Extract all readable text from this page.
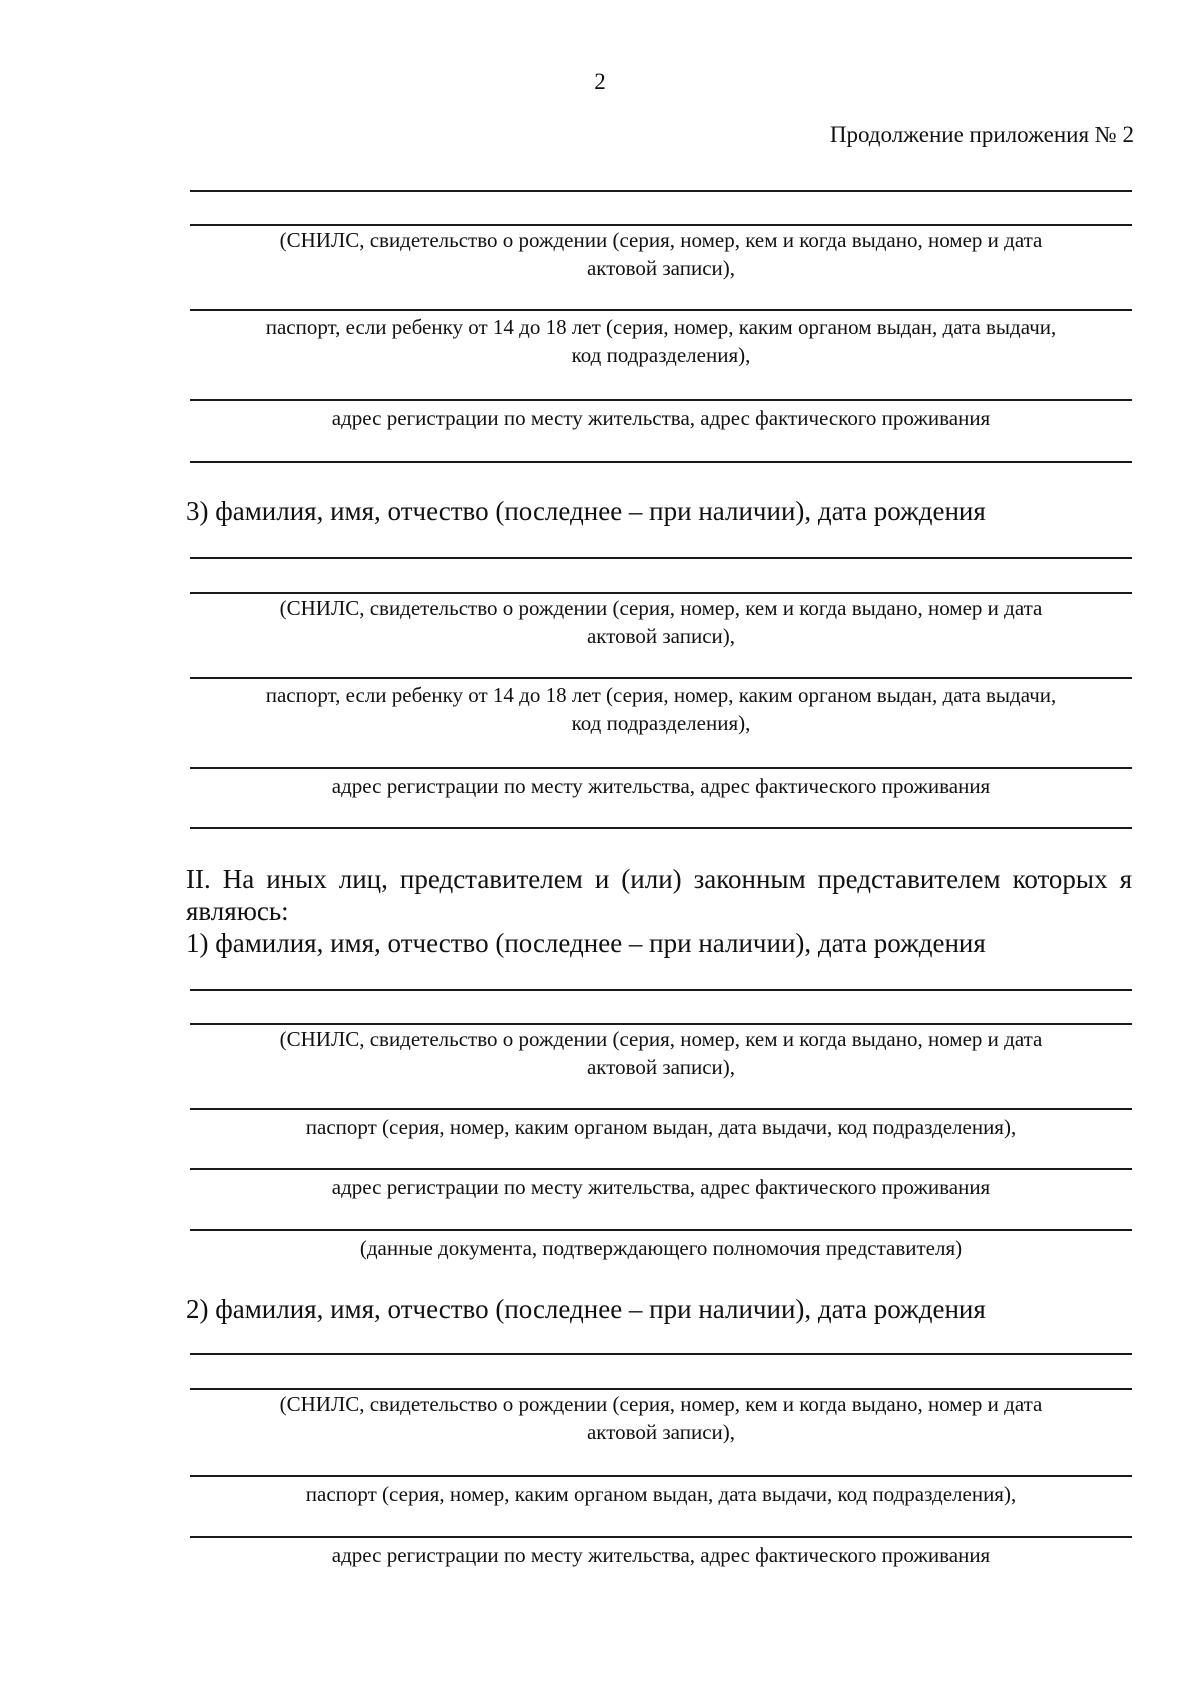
2
Продолжение приложения № 2
(СНИЛС, свидетельство о рождении (серия, номер, кем и когда выдано, номер и дата
актовой записи),
паспорт, если ребенку от 14 до 18 лет (серия, номер, каким органом выдан, дата выдачи,
код подразделения),
адрес регистрации по месту жительства, адрес фактического проживания
3) фамилия, имя, отчество (последнее – при наличии), дата рождения
(СНИЛС, свидетельство о рождении (серия, номер, кем и когда выдано, номер и дата
актовой записи),
паспорт, если ребенку от 14 до 18 лет (серия, номер, каким органом выдан, дата выдачи,
код подразделения),
адрес регистрации по месту жительства, адрес фактического проживания
II. На иных лиц, представителем и (или) законным представителем которых я
являюсь:
1) фамилия, имя, отчество (последнее – при наличии), дата рождения
(СНИЛС, свидетельство о рождении (серия, номер, кем и когда выдано, номер и дата
актовой записи),
паспорт (серия, номер, каким органом выдан, дата выдачи, код подразделения),
адрес регистрации по месту жительства, адрес фактического проживания
(данные документа, подтверждающего полномочия представителя)
2) фамилия, имя, отчество (последнее – при наличии), дата рождения
(СНИЛС, свидетельство о рождении (серия, номер, кем и когда выдано, номер и дата
актовой записи),
паспорт (серия, номер, каким органом выдан, дата выдачи, код подразделения),
адрес регистрации по месту жительства, адрес фактического проживания
